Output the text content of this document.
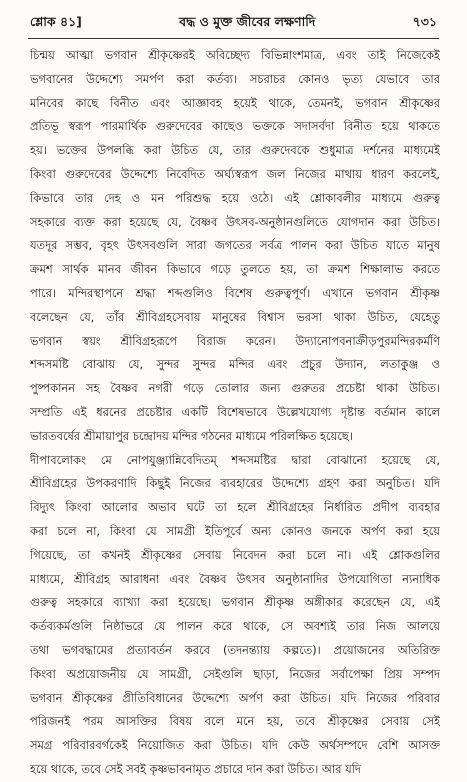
শ্লোক ৪১]	বদ্ধ ও মুক্ত জীবের লক্ষণাদি	৭৩১
চিন্ময় আত্মা ভগবান শ্রীকৃষ্ণেরই অবিচ্ছেদ্য বিভিন্নাংশমাত্র, এবং তাই নিজেকেই
ভগবানের উদ্দেশ্যে সমর্পণ করা কর্তব্য। সচরাচর কোনও ভৃত্য যেভাবে তার
মনিবের কাছে বিনীত এবং আজ্ঞাবহ হয়েই থাকে, তেমনই, ভগবান শ্রীকৃষ্ণের
প্রতিভূ স্বরূপ পারমার্থিক গুরুদেবের কাছেও ভক্তকে সদাসর্বদা বিনীত হয়ে থাকতে
হয়। ভক্তের উপলব্ধি করা উচিত যে, তার গুরুদেবকে শুধুমাত্র দর্শনের মাধ্যমেই
কিংবা গুরুদেবের উদ্দেশ্যে নিবেদিত অর্ঘ্যস্বরূপ জল নিজের মাথায় ধারণ করলেই,
কিভাবে তার দেহ ও মন পরিশুদ্ধ হয়ে ওঠে। এই শ্লোকাবলীর মাধ্যমে গুরুত্ব
সহকারে ব্যক্ত করা হয়েছে যে, বৈষ্ণব উৎসব-অনুষ্ঠানগুলিতে যোগদান করা উচিত।
যতদূর সম্ভব, বৃহৎ উৎসবগুলি সারা জগতের সর্বত্র পালন করা উচিত যাতে মানুষ
ক্রমশ সার্থক মানব জীবন কিভাবে গড়ে তুলতে হয়, তা ক্রমশ শিক্ষালাভ করতে
পারে। মন্দিরস্থাপনে শ্রদ্ধা শব্দগুলিও বিশেষ গুরুত্বপূর্ণ। এখানে ভগবান শ্রীকৃষ্ণ
বলেছেন যে, তাঁর শ্রীবিগ্রহসেবায় মানুষের বিশ্বাস ভরসা থাকা উচিত, যেহেতু
ভগবান স্বয়ং শ্রীবিগ্রহরূপে বিরাজ করেন। উদ্যানোপবনাক্রীড়পুরমন্দিরকর্মণি
শব্দসমষ্টি বোঝায় যে, সুন্দর সুন্দর মন্দির এবং প্রচুর উদ্যান, লতাকুঞ্জ ও
পুষ্পকানন সহ বৈষ্ণব নগরী গড়ে তোলার জন্য গুরুতর প্রচেষ্টা থাকা উচিত।
সম্প্রতি এই ধরনের প্রচেষ্টার একটি বিশেষভাবে উল্লেখযোগ্য দৃষ্টান্ত বর্তমান কালে
ভারতবর্ষের শ্রীমায়াপুর চন্দ্রোদয় মন্দির গঠনের মাধ্যমে পরিলক্ষিত হয়েছে।
দীপাবলোকং মে নোপযুঞ্জ্যান্নিবেদিতম্ শব্দসমষ্টির দ্বারা বোঝানো হয়েছে যে,
শ্রীবিগ্রহের উপকরণাদি কিছুই নিজের ব্যবহারের উদ্দেশ্যে গ্রহণ করা অনুচিত। যদি
বিদ্যুৎ কিংবা আলোর অভাব ঘটে তা হলে শ্রীবিগ্রহের নির্ধারিত প্রদীপ ব্যবহার
করা চলে না, কিংবা যে সামগ্রী ইতিপূর্বে অন্য কোনও জনকে অর্পণ করা হয়ে
গিয়েছে, তা কখনই শ্রীকৃষ্ণের সেবায় নিবেদন করা চলে না। এই শ্লোকগুলির
মাধ্যমে, শ্রীবিগ্রহ আরাধনা এবং বৈষ্ণব উৎসব অনুষ্ঠানাদির উপযোগিতা ন্যনাধিক
গুরুত্ব সহকারে ব্যাখ্যা করা হয়েছে। ভগবান শ্রীকৃষ্ণ অঙ্গীকার করেছেন যে, এই
কর্তব্যকর্মগুলি নিষ্ঠাভরে যে পালন করে থাকে, সে অবশ্যই তার নিজ আলয়ে
তথা ভগবদ্ধামের প্রত্যাবর্তন করবে (তদনন্ত্যায় কল্পতে)। প্রয়োজনের অতিরিক্ত
কিংবা অপ্রয়োজনীয় যে সামগ্রী, সেইগুলি ছাড়া, নিজের সর্বাপেক্ষা প্রিয় সম্পদ
ভগবান শ্রীকৃষ্ণের প্রীতিবিধানের উদ্দেশ্যে অর্পণ করা উচিত। যদি নিজের পরিবার
পরিজনই পরম আসক্তির বিষয় বলে মনে হয়, তবে শ্রীকৃষ্ণের সেবায় সেই
সমগ্র পরিবারবর্গকেই নিয়োজিত করা উচিত। যদি কেউ অর্থসম্পদে বেশি আসক্ত
হয়ে থাকে, তবে সেই সবই কৃষ্ণভাবনামৃত প্রচারে দান করা উচিত। আর যদি
